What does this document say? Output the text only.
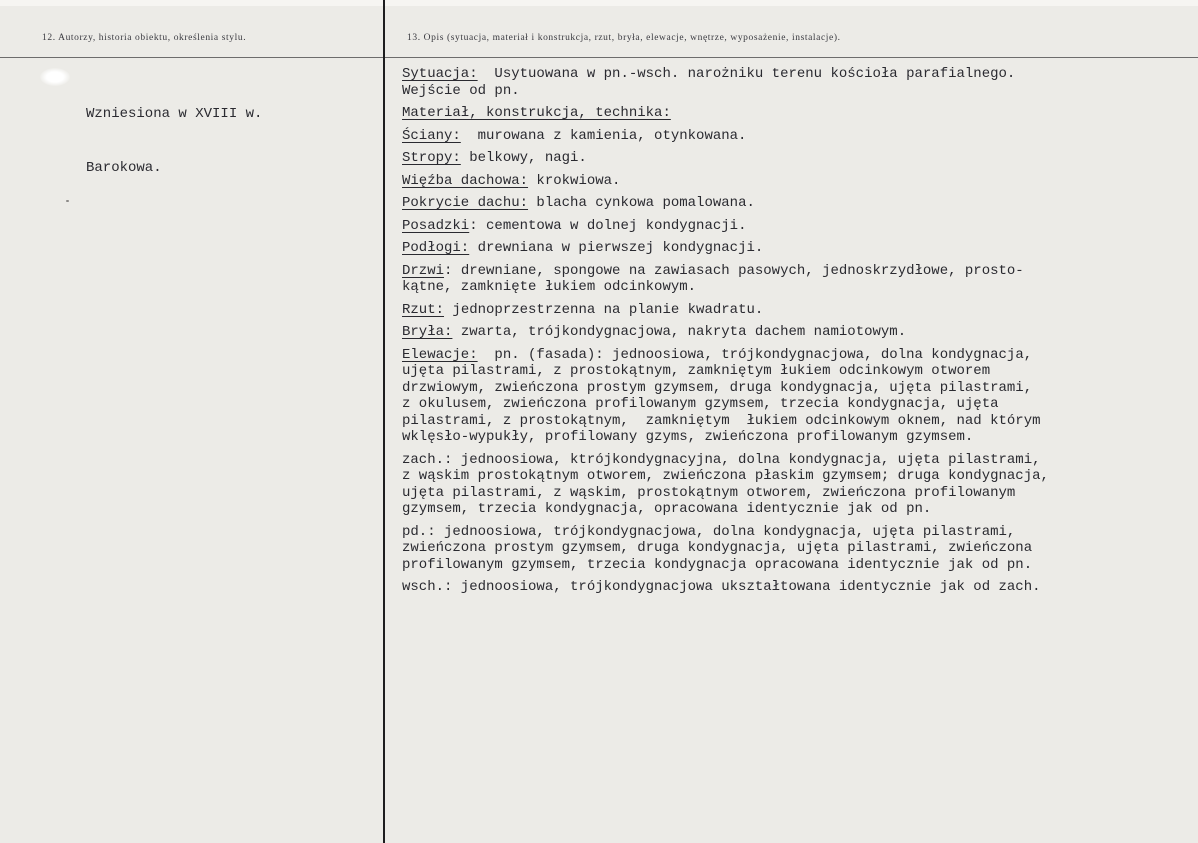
12. Autorzy, historia obiektu, określenia stylu.	13. Opis (sytuacja, materiał i konstrukcja, rzut, bryła, elewacje, wnętrze, wyposażenie, instalacje).

Wzniesiona w XVIII w.

Barokowa.

Sytuacja:  Usytuowana w pn.-wsch. narożniku terenu kościoła parafialnego.
Wejście od pn.
Materiał, konstrukcja, technika:
Ściany:  murowana z kamienia, otynkowana.
Stropy: belkowy, nagi.
Więźba dachowa: krokwiowa.
Pokrycie dachu: blacha cynkowa pomalowana.
Posadzki: cementowa w dolnej kondygnacji.
Podłogi: drewniana w pierwszej kondygnacji.
Drzwi: drewniane, spongowe na zawiasach pasowych, jednoskrzydłowe, prosto-
kątne, zamknięte łukiem odcinkowym.
Rzut: jednoprzestrzenna na planie kwadratu.
Bryła: zwarta, trójkondygnacjowa, nakryta dachem namiotowym.
Elewacje:  pn. (fasada): jednoosiowa, trójkondygnacjowa, dolna kondygnacja,
ujęta pilastrami, z prostokątnym, zamkniętym łukiem odcinkowym otworem
drzwiowym, zwieńczona prostym gzymsem, druga kondygnacja, ujęta pilastrami,
z okulusem, zwieńczona profilowanym gzymsem, trzecia kondygnacja, ujęta
pilastrami, z prostokątnym,  zamkniętym  łukiem odcinkowym oknem, nad którym
wklęsło-wypukły, profilowany gzyms, zwieńczona profilowanym gzymsem.
zach.: jednoosiowa, ktrójkondygnacyjna, dolna kondygnacja, ujęta pilastrami,
z wąskim prostokątnym otworem, zwieńczona płaskim gzymsem; druga kondygnacja,
ujęta pilastrami, z wąskim, prostokątnym otworem, zwieńczona profilowanym
gzymsem, trzecia kondygnacja, opracowana identycznie jak od pn.
pd.: jednoosiowa, trójkondygnacjowa, dolna kondygnacja, ujęta pilastrami,
zwieńczona prostym gzymsem, druga kondygnacja, ujęta pilastrami, zwieńczona
profilowanym gzymsem, trzecia kondygnacja opracowana identycznie jak od pn.
wsch.: jednoosiowa, trójkondygnacjowa ukształtowana identycznie jak od zach.
